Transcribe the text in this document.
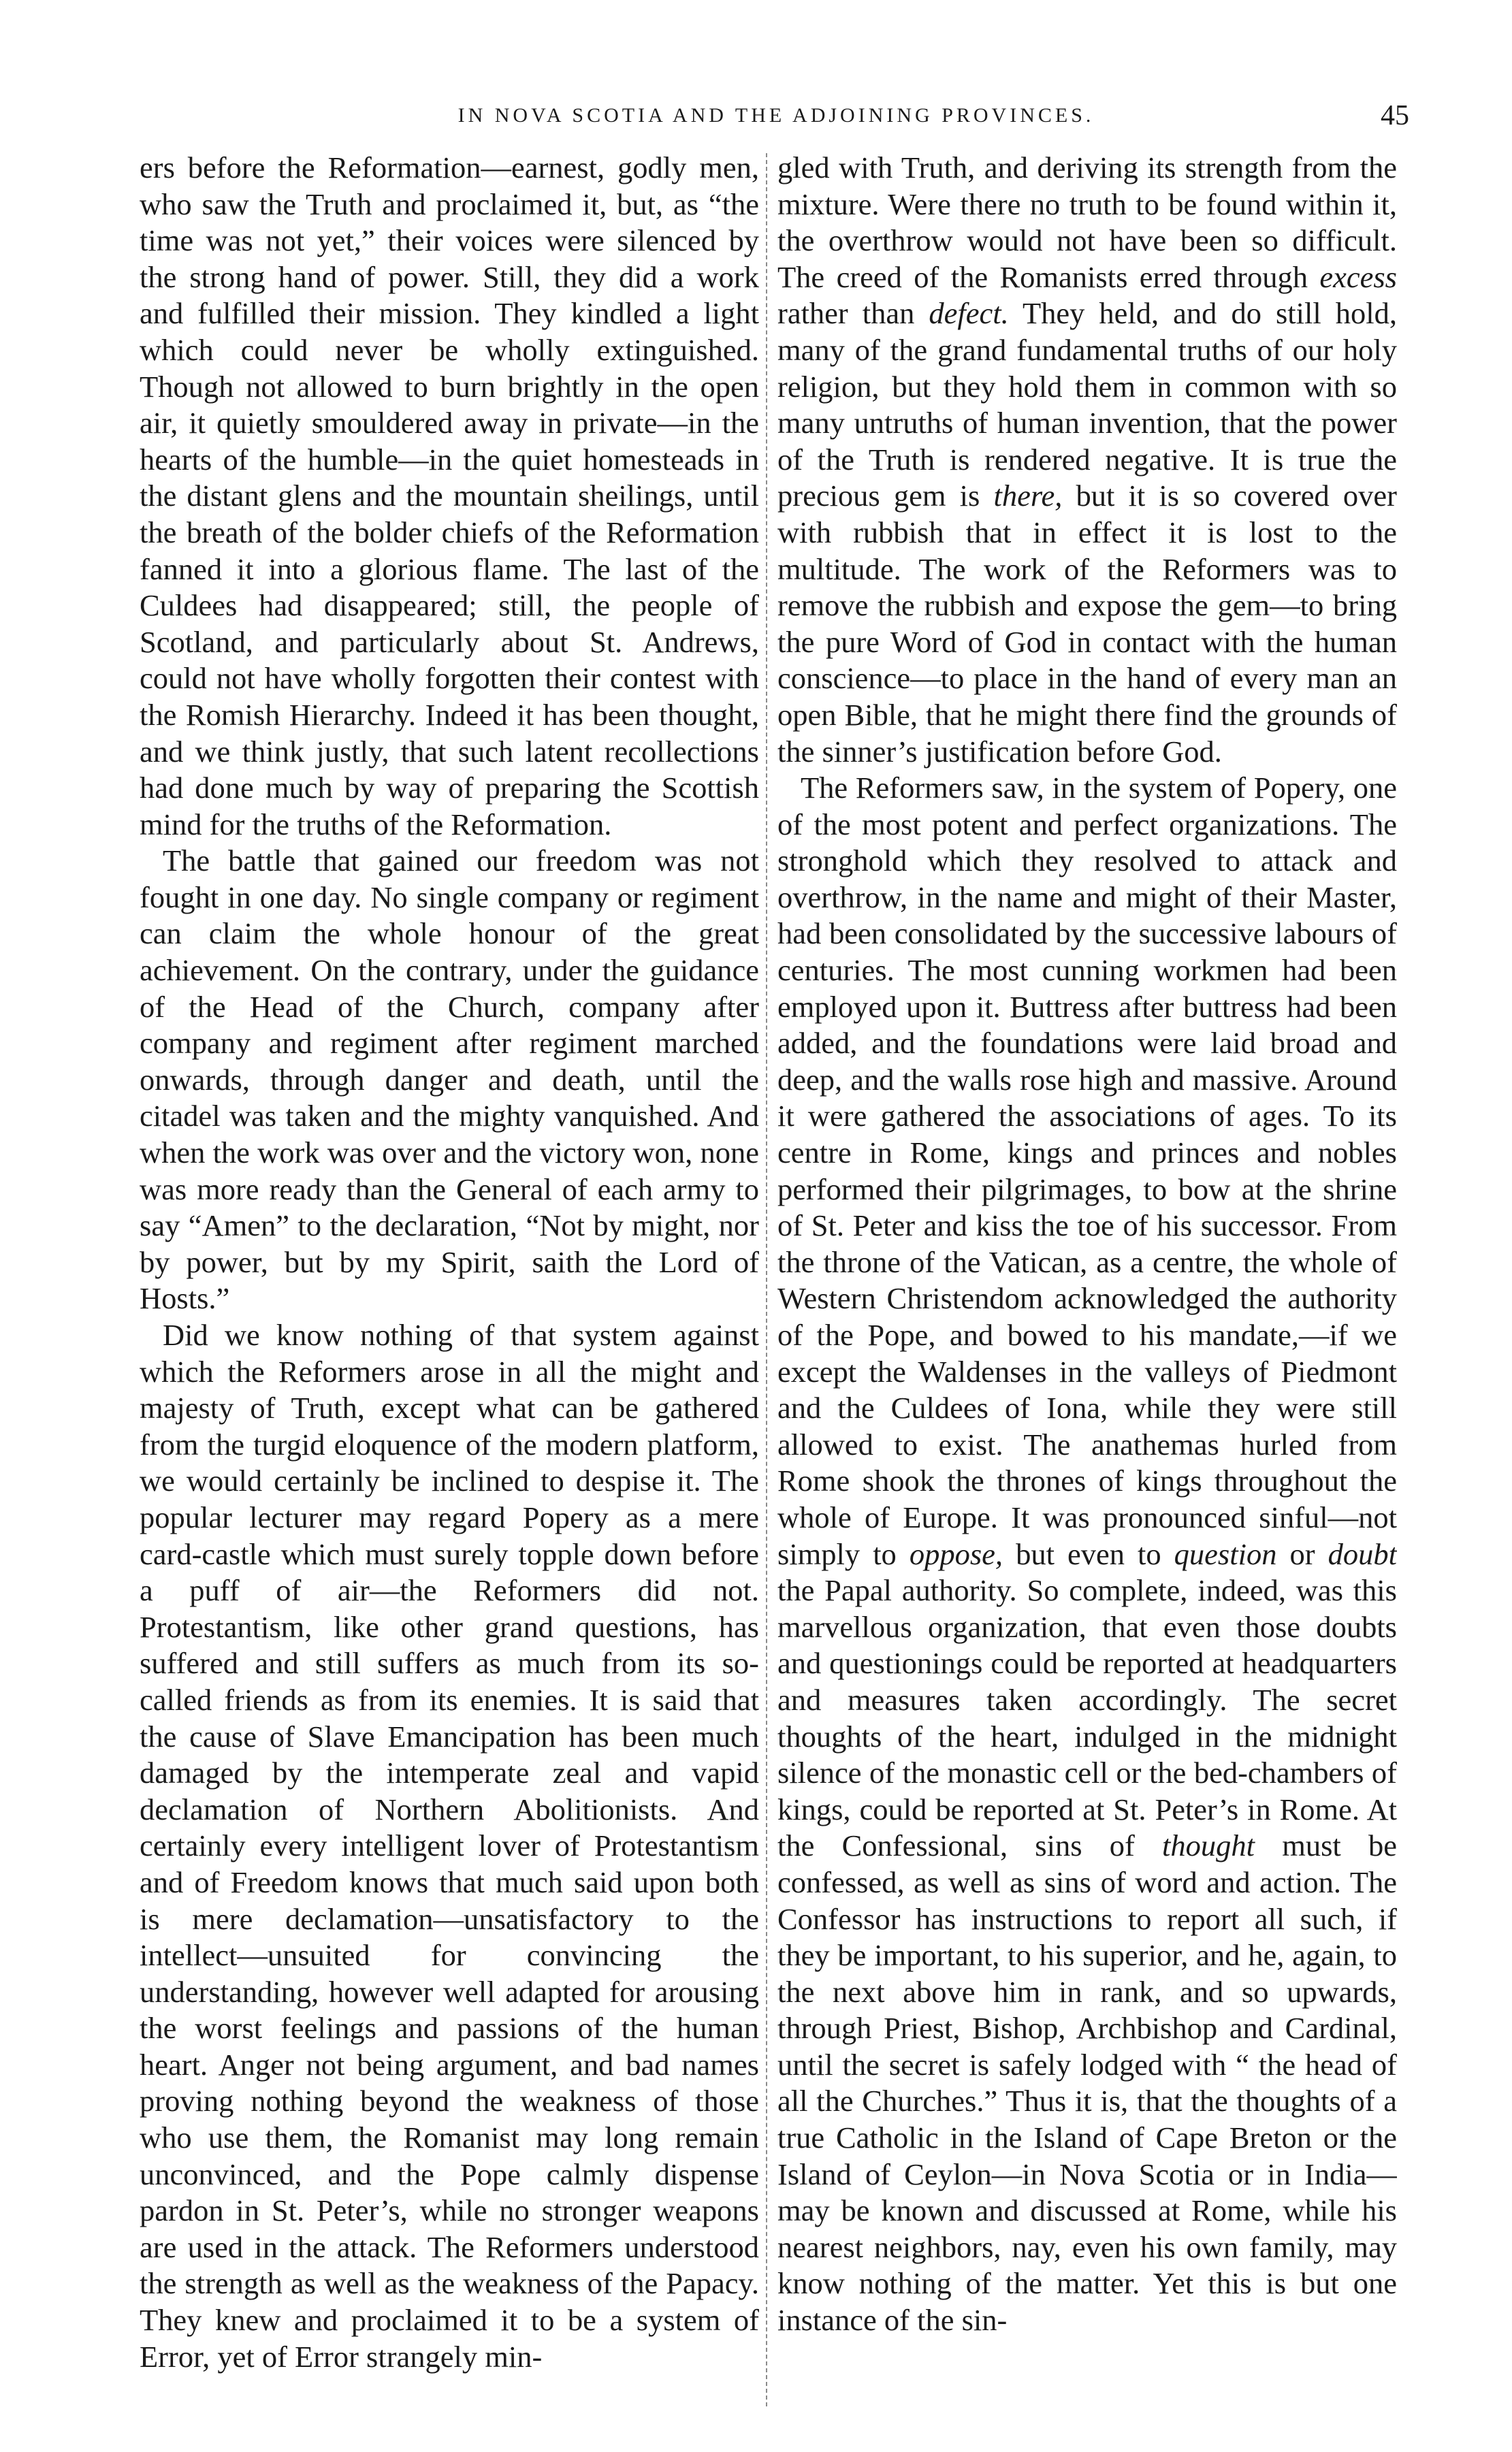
IN NOVA SCOTIA AND THE ADJOINING PROVINCES.	45

ers before the Reformation—earnest, godly men, who saw the Truth and proclaimed it, but, as “the time was not yet,” their voices were silenced by the strong hand of power. Still, they did a work and fulfilled their mission. They kindled a light which could never be wholly extinguished. Though not allowed to burn brightly in the open air, it quietly smouldered away in private—in the hearts of the humble—in the quiet homesteads in the distant glens and the mountain sheilings, until the breath of the bolder chiefs of the Reformation fanned it into a glorious flame. The last of the Culdees had disappeared; still, the people of Scotland, and particularly about St. Andrews, could not have wholly forgotten their contest with the Romish Hierarchy. Indeed it has been thought, and we think justly, that such latent recollections had done much by way of preparing the Scottish mind for the truths of the Reformation.

The battle that gained our freedom was not fought in one day. No single company or regiment can claim the whole honour of the great achievement. On the contrary, under the guidance of the Head of the Church, company after company and regiment after regiment marched onwards, through danger and death, until the citadel was taken and the mighty vanquished. And when the work was over and the victory won, none was more ready than the General of each army to say “Amen” to the declaration, “Not by might, nor by power, but by my Spirit, saith the Lord of Hosts.”

Did we know nothing of that system against which the Reformers arose in all the might and majesty of Truth, except what can be gathered from the turgid eloquence of the modern platform, we would certainly be inclined to despise it. The popular lecturer may regard Popery as a mere card-castle which must surely topple down before a puff of air—the Reformers did not. Protestantism, like other grand questions, has suffered and still suffers as much from its so-called friends as from its enemies. It is said that the cause of Slave Emancipation has been much damaged by the intemperate zeal and vapid declamation of Northern Abolitionists. And certainly every intelligent lover of Protestantism and of Freedom knows that much said upon both is mere declamation—unsatisfactory to the intellect—unsuited for convincing the understanding, however well adapted for arousing the worst feelings and passions of the human heart. Anger not being argument, and bad names proving nothing beyond the weakness of those who use them, the Romanist may long remain unconvinced, and the Pope calmly dispense pardon in St. Peter’s, while no stronger weapons are used in the attack. The Reformers understood the strength as well as the weakness of the Papacy. They knew and proclaimed it to be a system of Error, yet of Error strangely min-

gled with Truth, and deriving its strength from the mixture. Were there no truth to be found within it, the overthrow would not have been so difficult. The creed of the Romanists erred through excess rather than defect. They held, and do still hold, many of the grand fundamental truths of our holy religion, but they hold them in common with so many untruths of human invention, that the power of the Truth is rendered negative. It is true the precious gem is there, but it is so covered over with rubbish that in effect it is lost to the multitude. The work of the Reformers was to remove the rubbish and expose the gem—to bring the pure Word of God in contact with the human conscience—to place in the hand of every man an open Bible, that he might there find the grounds of the sinner’s justification before God.

The Reformers saw, in the system of Popery, one of the most potent and perfect organizations. The stronghold which they resolved to attack and overthrow, in the name and might of their Master, had been consolidated by the successive labours of centuries. The most cunning workmen had been employed upon it. Buttress after buttress had been added, and the foundations were laid broad and deep, and the walls rose high and massive. Around it were gathered the associations of ages. To its centre in Rome, kings and princes and nobles performed their pilgrimages, to bow at the shrine of St. Peter and kiss the toe of his successor. From the throne of the Vatican, as a centre, the whole of Western Christendom acknowledged the authority of the Pope, and bowed to his mandate,—if we except the Waldenses in the valleys of Piedmont and the Culdees of Iona, while they were still allowed to exist. The anathemas hurled from Rome shook the thrones of kings throughout the whole of Europe. It was pronounced sinful—not simply to oppose, but even to question or doubt the Papal authority. So complete, indeed, was this marvellous organization, that even those doubts and questionings could be reported at headquarters and measures taken accordingly. The secret thoughts of the heart, indulged in the midnight silence of the monastic cell or the bed-chambers of kings, could be reported at St. Peter’s in Rome. At the Confessional, sins of thought must be confessed, as well as sins of word and action. The Confessor has instructions to report all such, if they be important, to his superior, and he, again, to the next above him in rank, and so upwards, through Priest, Bishop, Archbishop and Cardinal, until the secret is safely lodged with “ the head of all the Churches.” Thus it is, that the thoughts of a true Catholic in the Island of Cape Breton or the Island of Ceylon—in Nova Scotia or in India—may be known and discussed at Rome, while his nearest neighbors, nay, even his own family, may know nothing of the matter. Yet this is but one instance of the sin-
